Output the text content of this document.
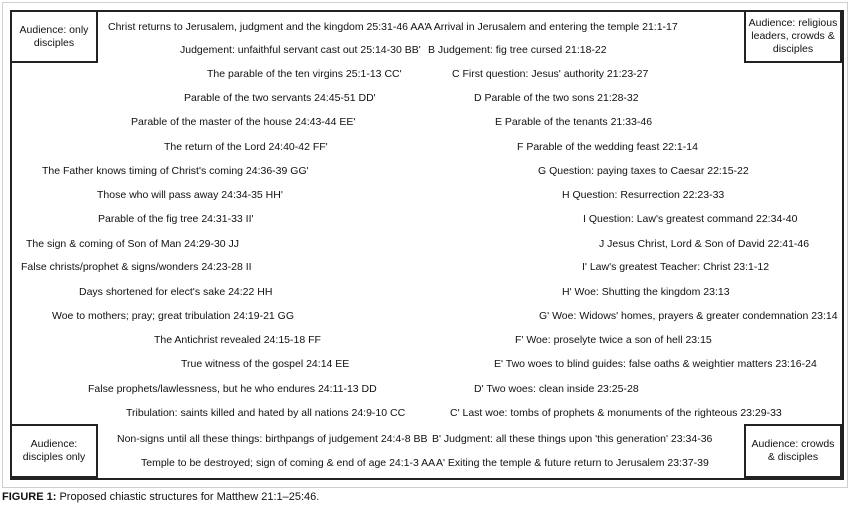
Christ returns to Jerusalem, judgment and the kingdom 25:31-46 AA'
Judgement: unfaithful servant cast out 25:14-30 BB'
The parable of the ten virgins 25:1-13 CC'
Parable of the two servants 24:45-51 DD'
Parable of the master of the house 24:43-44 EE'
The return of the Lord 24:40-42 FF'
The Father knows timing of Christ's coming 24:36-39 GG'
Those who will pass away 24:34-35 HH'
Parable of the fig tree 24:31-33 II'
The sign & coming of Son of Man 24:29-30 JJ
False christs/prophet & signs/wonders 24:23-28 II
Days shortened for elect's sake 24:22 HH
Woe to mothers; pray; great tribulation 24:19-21 GG
The Antichrist revealed 24:15-18 FF
True witness of the gospel 24:14 EE
False prophets/lawlessness, but he who endures 24:11-13 DD
Tribulation: saints killed and hated by all nations 24:9-10 CC
Non-signs until all these things: birthpangs of judgement 24:4-8 BB
Temple to be destroyed; sign of coming & end of age 24:1-3 AA
A Arrival in Jerusalem and entering the temple 21:1-17
B Judgement: fig tree cursed 21:18-22
C First question: Jesus' authority 21:23-27
D Parable of the two sons 21:28-32
E Parable of the tenants 21:33-46
F Parable of the wedding feast 22:1-14
G Question: paying taxes to Caesar 22:15-22
H Question: Resurrection 22:23-33
I Question: Law's greatest command 22:34-40
J Jesus Christ, Lord & Son of David 22:41-46
I' Law's greatest Teacher: Christ 23:1-12
H' Woe: Shutting the kingdom 23:13
G' Woe: Widows' homes, prayers & greater condemnation 23:14
F' Woe: proselyte twice a son of hell 23:15
E' Two woes to blind guides: false oaths & weightier matters 23:16-24
D' Two woes: clean inside 23:25-28
C' Last woe: tombs of prophets & monuments of the righteous 23:29-33
B' Judgment: all these things upon 'this generation' 23:34-36
A' Exiting the temple & future return to Jerusalem 23:37-39
Audience: only disciples
Audience: religious leaders, crowds & disciples
Audience: disciples only
Audience: crowds & disciples
FIGURE 1: Proposed chiastic structures for Matthew 21:1–25:46.
